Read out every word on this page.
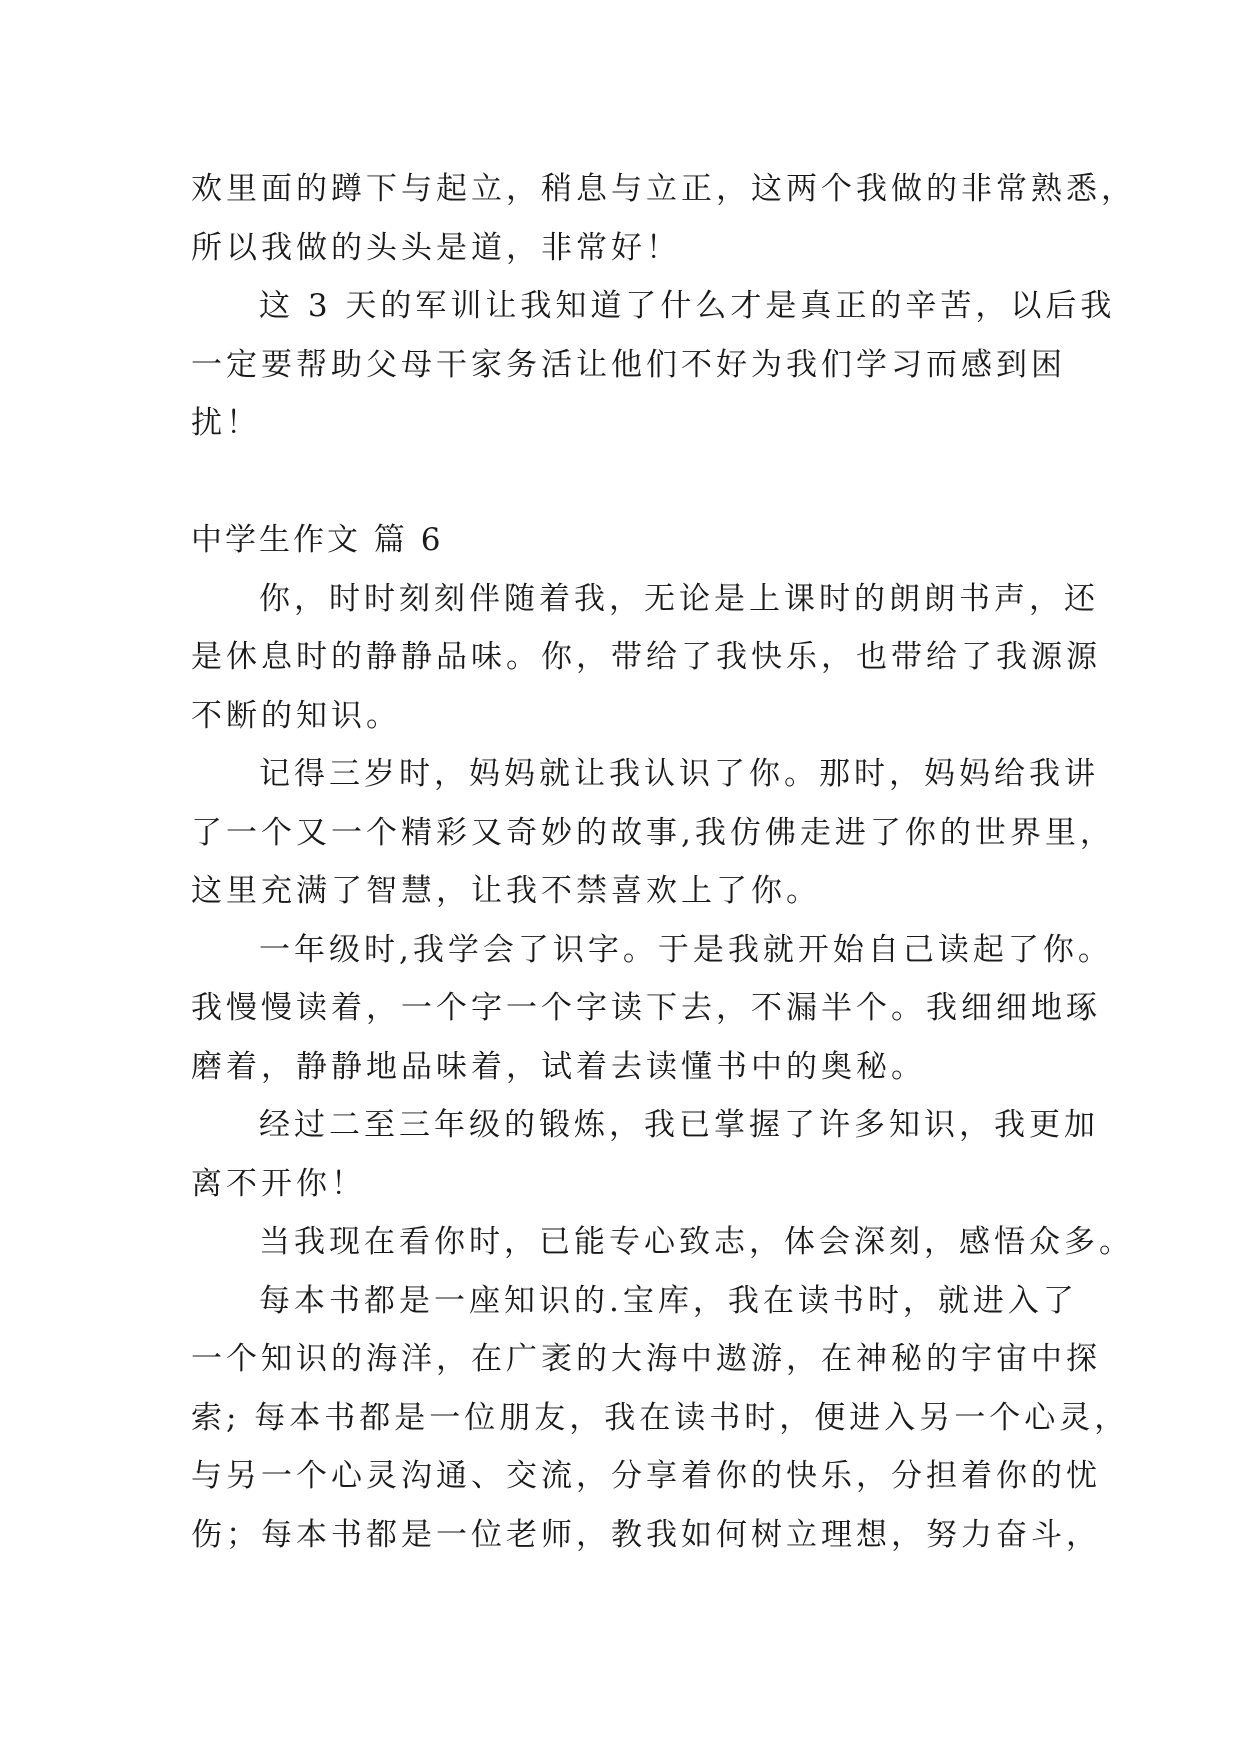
欢里面的蹲下与起立，稍息与立正，这两个我做的非常熟悉，
所以我做的头头是道，非常好！
这 3 天的军训让我知道了什么才是真正的辛苦，以后我
一定要帮助父母干家务活让他们不好为我们学习而感到困
扰！
中学生作文 篇 6
你，时时刻刻伴随着我，无论是上课时的朗朗书声，还
是休息时的静静品味。你，带给了我快乐，也带给了我源源
不断的知识。
记得三岁时，妈妈就让我认识了你。那时，妈妈给我讲
了一个又一个精彩又奇妙的故事,我仿佛走进了你的世界里，
这里充满了智慧，让我不禁喜欢上了你。
一年级时,我学会了识字。于是我就开始自己读起了你。
我慢慢读着，一个字一个字读下去，不漏半个。我细细地琢
磨着，静静地品味着，试着去读懂书中的奥秘。
经过二至三年级的锻炼，我已掌握了许多知识，我更加
离不开你！
当我现在看你时，已能专心致志，体会深刻，感悟众多。
每本书都是一座知识的.宝库，我在读书时，就进入了
一个知识的海洋，在广袤的大海中遨游，在神秘的宇宙中探
索; 每本书都是一位朋友，我在读书时，便进入另一个心灵，
与另一个心灵沟通、交流，分享着你的快乐，分担着你的忧
伤；每本书都是一位老师，教我如何树立理想，努力奋斗，
